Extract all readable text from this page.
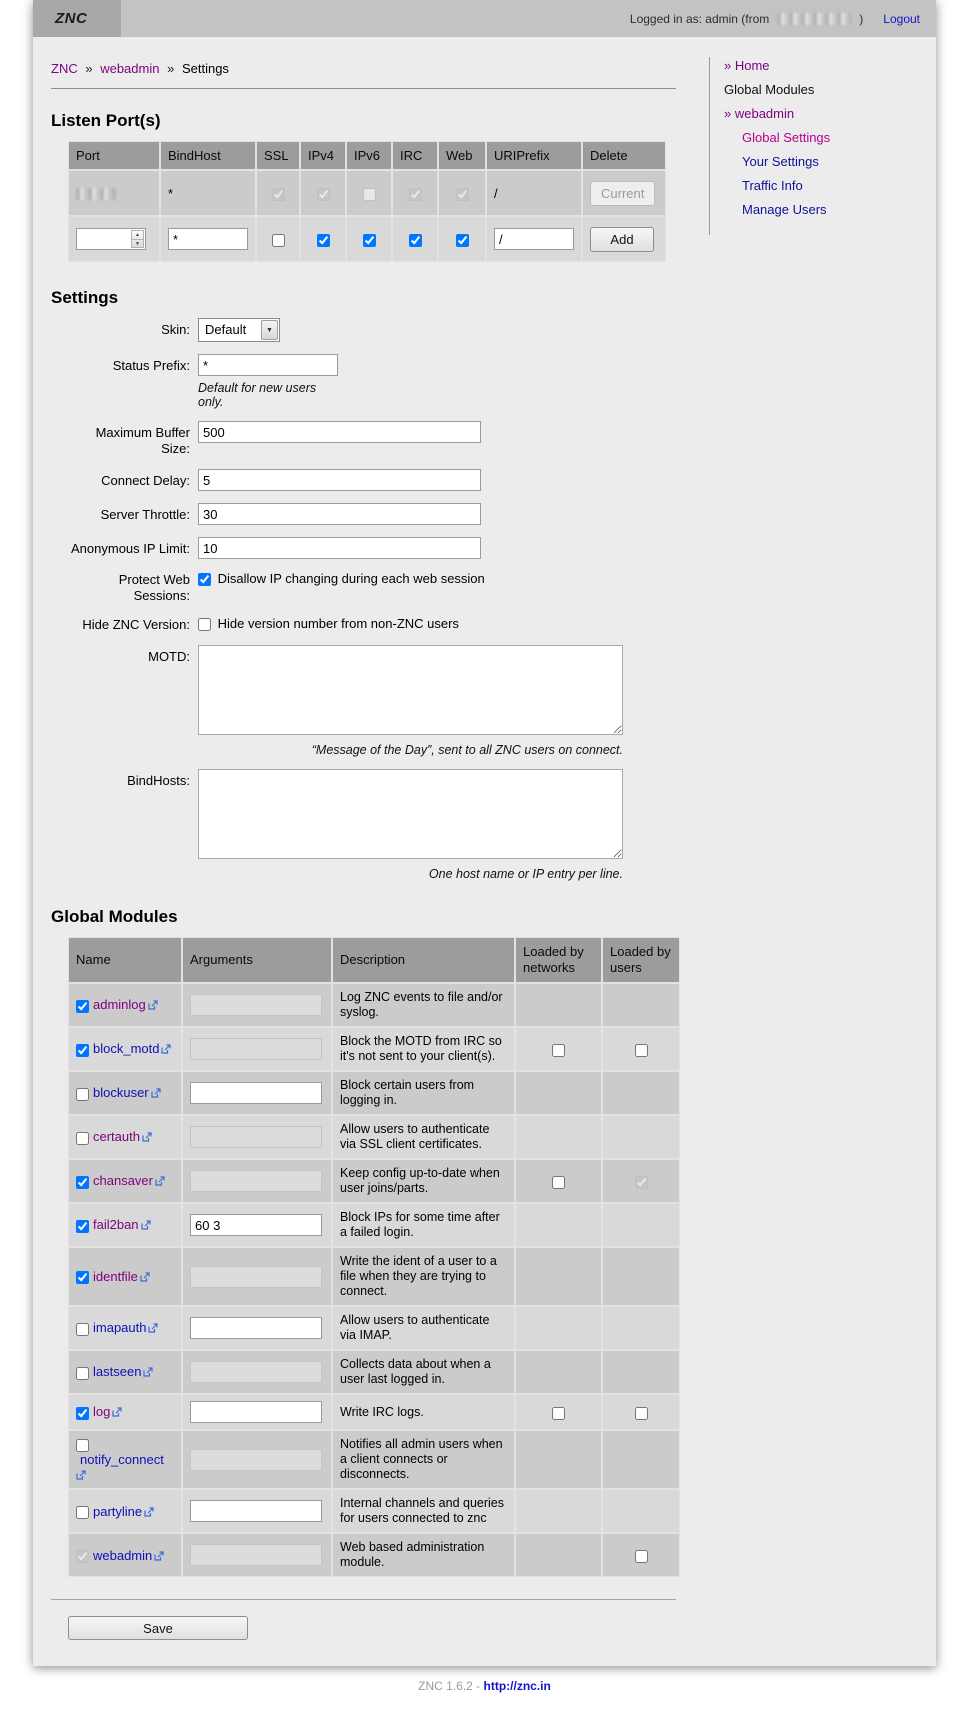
ZNC	Logged in as: admin (from	) Logout
ZNC » webadmin » Settings
Listen Port(s)
Port	BindHost	SSL	IPv4	IPv6	IRC	Web	URIPrefix	Delete
	*						/	Current

▲
▼
	*						/	Add
Settings
Skin:	Default	▼
Status Prefix:
*
Default for new users only.
Maximum Buffer Size:
500
Connect Delay:
5
Server Throttle:
30
Anonymous IP Limit:
10
Protect Web Sessions:
Disallow IP changing during each web session
Hide ZNC Version:	Hide version number from non-ZNC users
MOTD:
“Message of the Day”, sent to all ZNC users on connect.
BindHosts:
One host name or IP entry per line.
Global Modules
Name	Arguments	Description	Loaded by networks	Loaded by users
adminlog		Log ZNC events to file and/or syslog.		
block_motd		Block the MOTD from IRC so it's not sent to your client(s).		
blockuser		Block certain users from logging in.		
certauth		Allow users to authenticate via SSL client certificates.		
chansaver		Keep config up-to-date when user joins/parts.		
fail2ban	60 3	Block IPs for some time after a failed login.		
identfile		Write the ident of a user to a file when they are trying to connect.		
imapauth		Allow users to authenticate via IMAP.		
lastseen		Collects data about when a user last logged in.		
log		Write IRC logs.		
notify_connect		Notifies all admin users when a client connects or disconnects.		
partyline		Internal channels and queries for users connected to znc		
webadmin		Web based administration module.		
Save
» Home
Global Modules
» webadmin
Global Settings
Your Settings
Traffic Info
Manage Users
ZNC 1.6.2 - http://znc.in
